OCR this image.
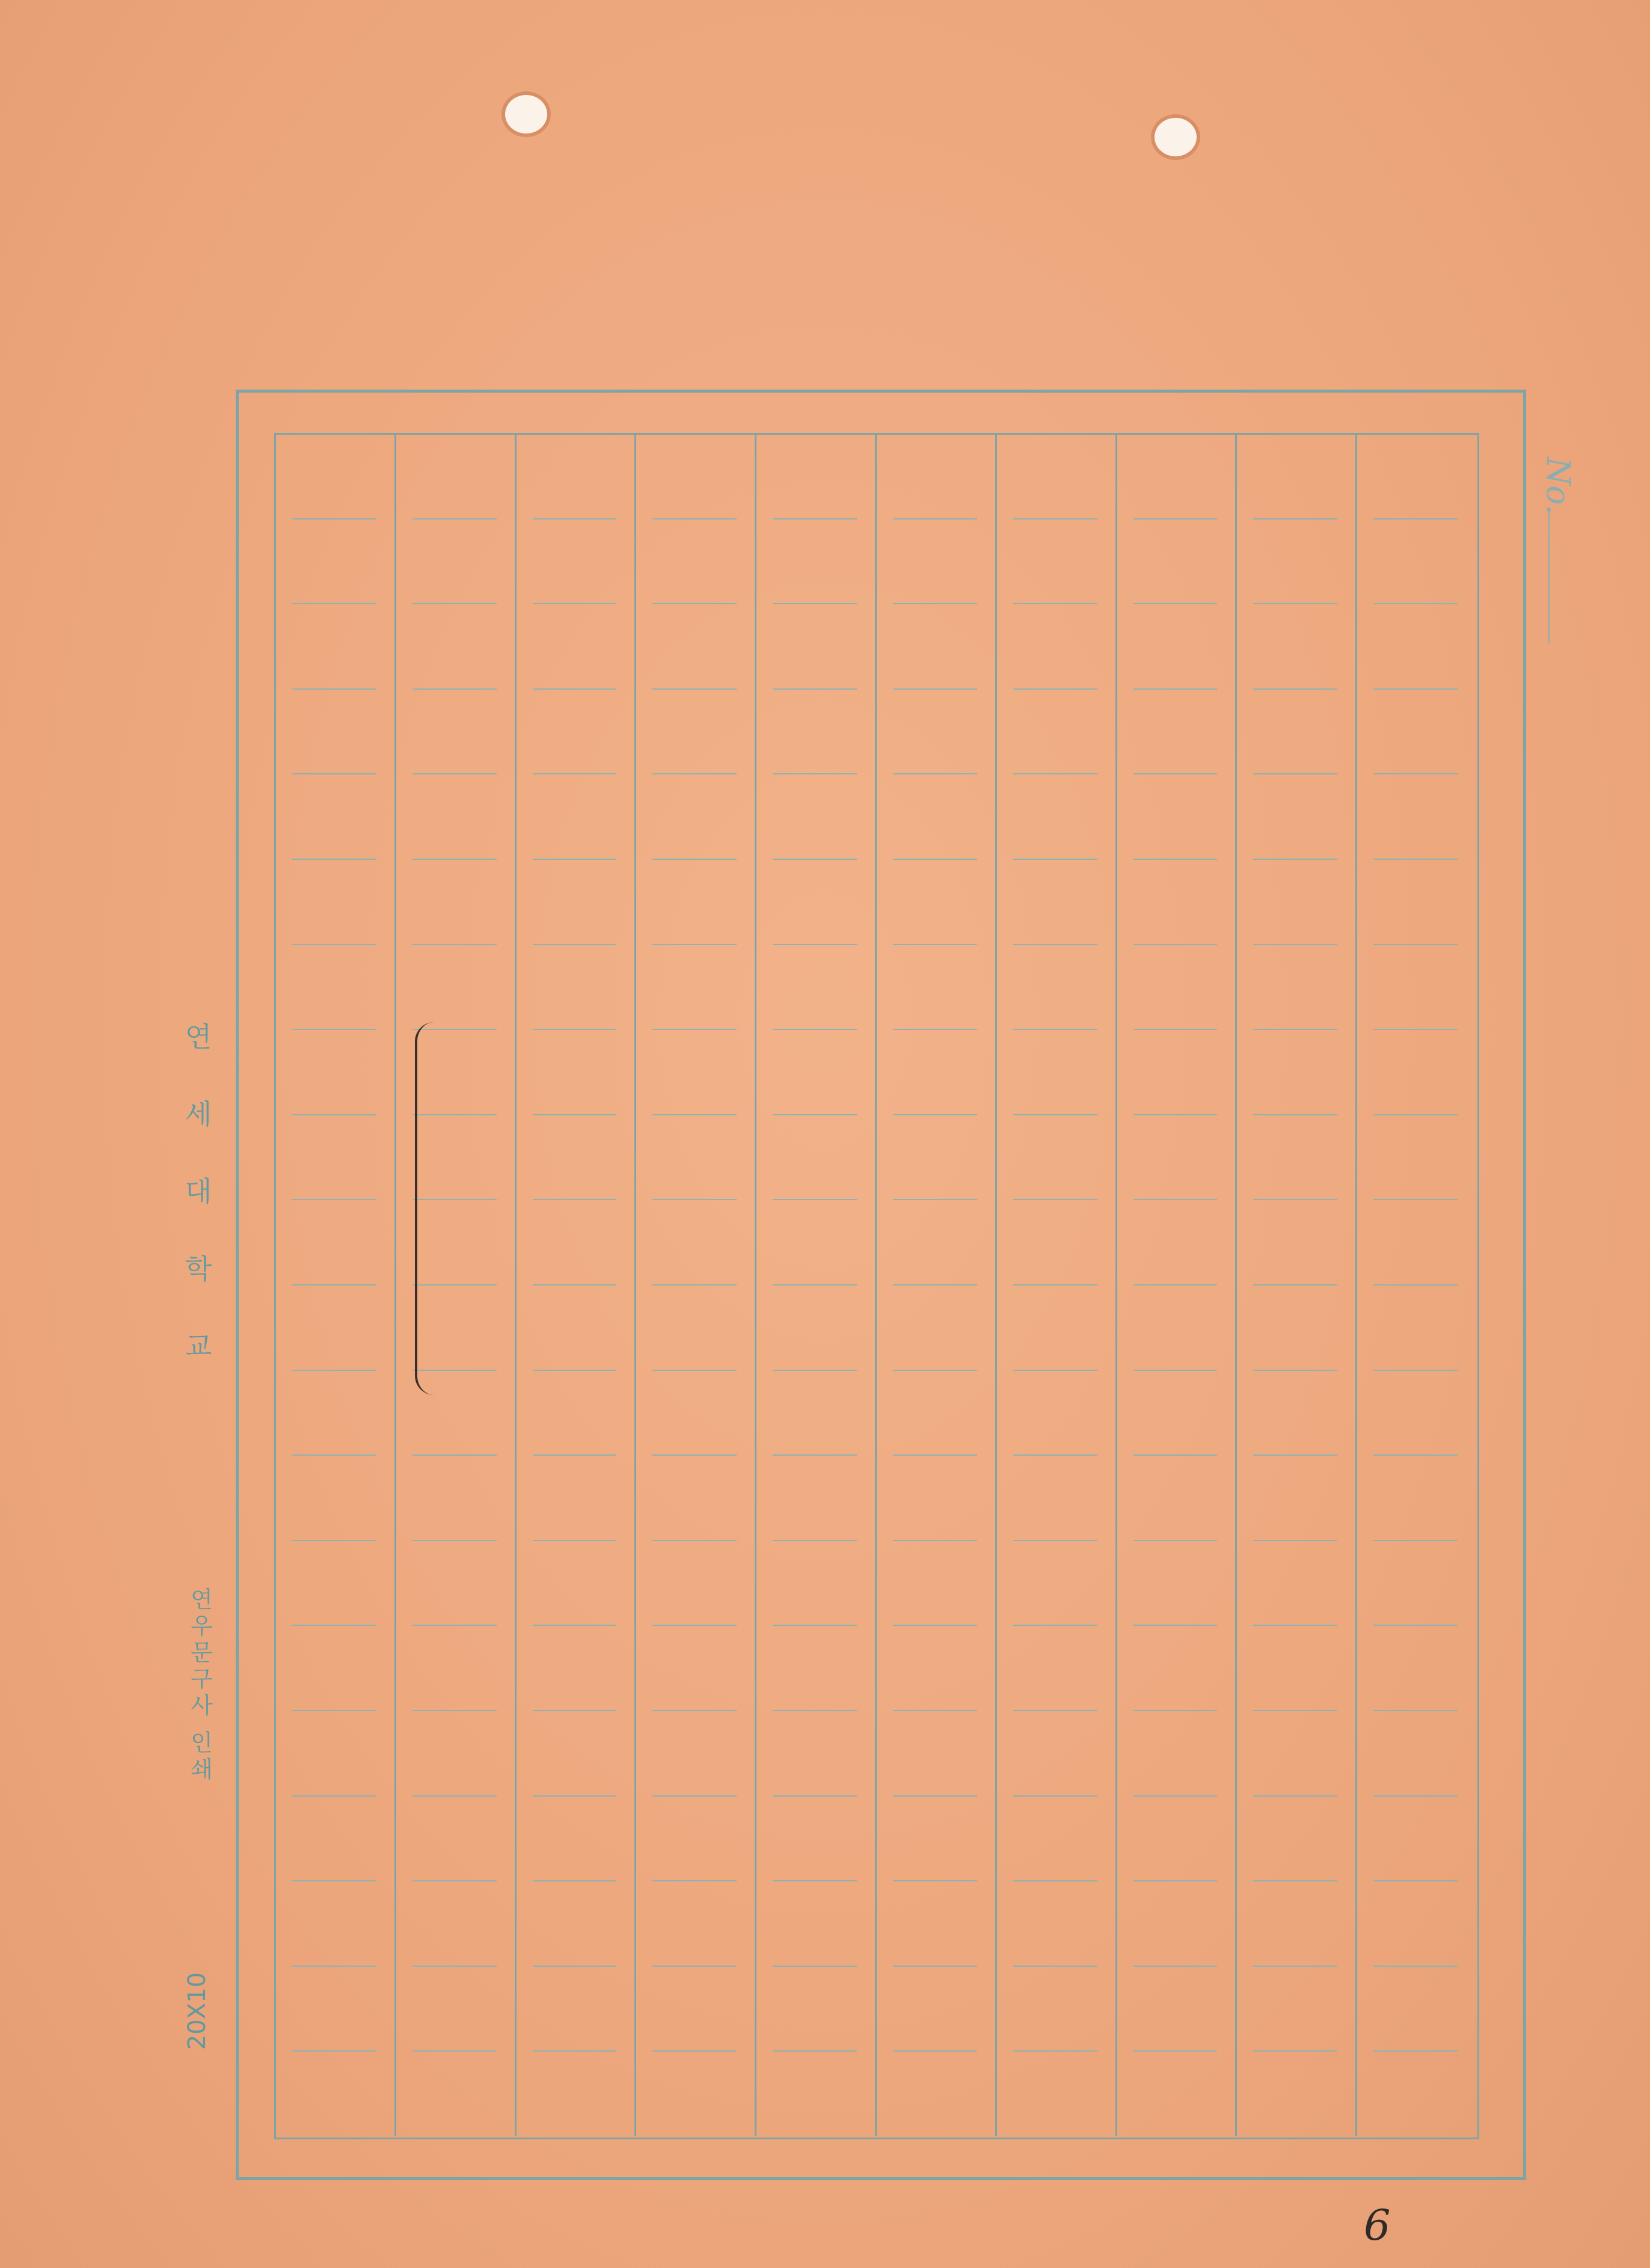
연 세 대 학 교
연우문구사 인쇄
20X10
No.
6
